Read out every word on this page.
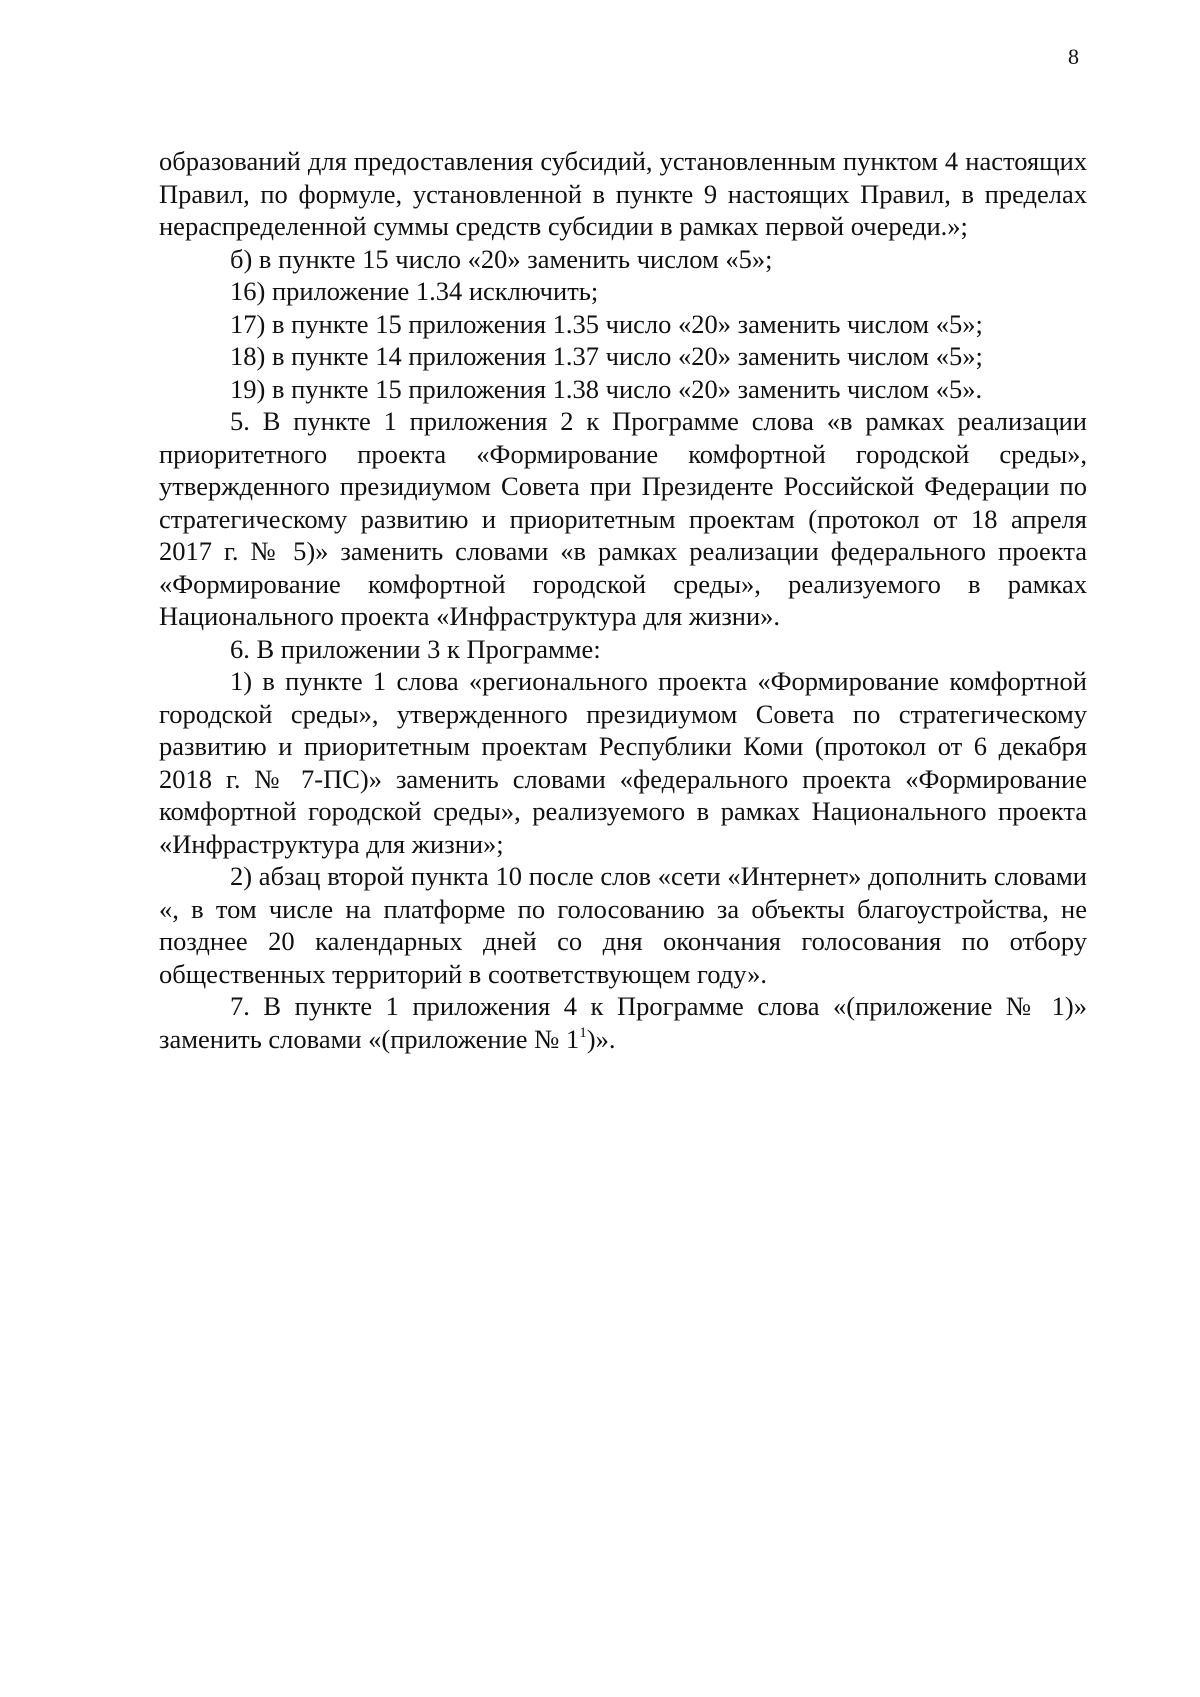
8

образований для предоставления субсидий, установленным пунктом 4 настоящих Правил, по формуле, установленной в пункте 9 настоящих Правил, в пределах нераспределенной суммы средств субсидии в рамках первой очереди.»;

б) в пункте 15 число «20» заменить числом «5»;

16) приложение 1.34 исключить;

17) в пункте 15 приложения 1.35 число «20» заменить числом «5»;

18) в пункте 14 приложения 1.37 число «20» заменить числом «5»;

19) в пункте 15 приложения 1.38 число «20» заменить числом «5».

5. В пункте 1 приложения 2 к Программе слова «в рамках реализации приоритетного проекта «Формирование комфортной городской среды», утвержденного президиумом Совета при Президенте Российской Федерации по стратегическому развитию и приоритетным проектам (протокол от 18 апреля 2017 г. № 5)» заменить словами «в рамках реализации федерального проекта «Формирование комфортной городской среды», реализуемого в рамках Национального проекта «Инфраструктура для жизни».

6. В приложении 3 к Программе:

1) в пункте 1 слова «регионального проекта «Формирование комфортной городской среды», утвержденного президиумом Совета по стратегическому развитию и приоритетным проектам Республики Коми (протокол от 6 декабря 2018 г. № 7-ПС)» заменить словами «федерального проекта «Формирование комфортной городской среды», реализуемого в рамках Национального проекта «Инфраструктура для жизни»;

2) абзац второй пункта 10 после слов «сети «Интернет» дополнить словами «, в том числе на платформе по голосованию за объекты благоустройства, не позднее 20 календарных дней со дня окончания голосования по отбору общественных территорий в соответствующем году».

7. В пункте 1 приложения 4 к Программе слова «(приложение № 1)» заменить словами «(приложение № $1^1$)».
